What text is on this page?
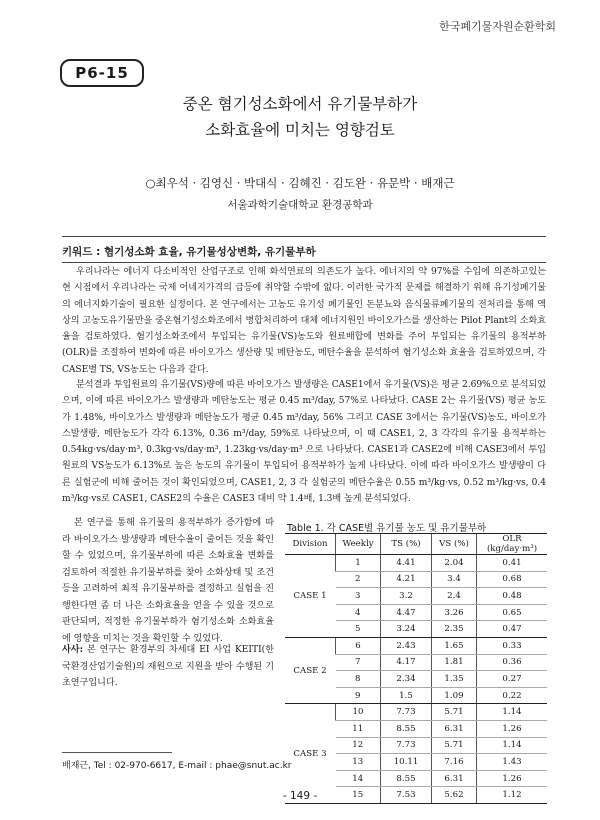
한국폐기물자원순환학회
P6-15
중온 혐기성소화에서 유기물부하가
소화효율에 미치는 영향검토
○최우석 · 김영신 · 박대식 · 김혜진 · 김도완 · 유문박 · 배재근
서울과학기술대학교 환경공학과
키워드 : 혐기성소화 효율, 유기물성상변화, 유기물부하
우리나라는 에너지 다소비적인 산업구조로 인해 화석연료의 의존도가 높다. 에너지의 약 97%를 수입에 의존하고있는 현 시점에서 우리나라는 국제 어네지가격의 급등에 취약할 수밖에 없다. 이러한 국가적 문제를 해결하기 위해 유기성폐기물의 에너지화기술이 필요한 실정이다. 본 연구에서는 고농도 유기성 폐기물인 돈분뇨와 음식물류폐기물의 전처리를 통해 액상의 고농도유기물만을 중온혐기성소화조에서 병합처리하여 대체 에너지원인 바이오가스를 생산하는 Pilot Plant의 소화효율을 검토하였다. 혐기성소화조에서 투입되는 유기물(VS)농도와 원료배합에 변화를 주어 투입되는 유기물의 용적부하(OLR)를 조절하여 변화에 따른 바이오가스 생산량 및 메탄농도, 메탄수율을 분석하여 혐기성소화 효율을 검토하였으며, 각 CASE별 TS, VS농도는 다음과 같다.
분석결과 투입원료의 유기물(VS)량에 따른 바이오가스 발생량은 CASE1에서 유기물(VS)은 평균 2.69%으로 분석되었으며, 이에 따른 바이오가스 발생량과 메탄농도는 평균 0.45 m³/day, 57%로 나타났다. CASE 2는 유기물(VS) 평균 농도가 1.48%, 바이오가스 발생량과 메탄농도가 평균 0.45 m³/day, 56% 그리고 CASE 3에서는 유기물(VS)농도, 바이오가스발생량, 메탄농도가 각각 6.13%, 0.36 m³/day, 59%로 나타났으며, 이 때 CASE1, 2, 3 각각의 유기물 용적부하는 0.54kg·vs/day·m³, 0.3kg·vs/day·m³, 1.23kg·vs/day·m³ 으로 나타났다. CASE1과 CASE2에 비해 CASE3에서 투입원료의 VS농도가 6.13%로 높은 농도의 유기물이 투입되어 용적부하가 높게 나타났다. 이에 따라 바이오가스 발생량이 다른 실험군에 비해 줄어든 것이 확인되었으며, CASE1, 2, 3 각 실험군의 메탄수율은 0.55 m³/kg·vs, 0.52 m³/kg·vs, 0.4 m³/kg·vs로 CASE1, CASE2의 수율은 CASE3 대비 약 1.4배, 1.3배 높게 분석되었다.
본 연구를 통해 유기물의 용적부하가 증가함에 따라 바이오가스 발생량과 메탄수율이 줄어든 것을 확인 할 수 있었으며, 유기물부하에 따른 소화효율 변화를 검토하여 적절한 유기물부하를 찾아 소화상태 및 조건 등을 고려하여 최적 유기물부하를 결정하고 실험을 진행한다면 좀 더 나은 소화효율을 얻을 수 있을 것으로 판단되며, 적정한 유기물부하가 혐기성소화 소화효율에 영향을 미치는 것을 확인할 수 있었다.
사사: 본 연구는 환경부의 차세대 EI 사업 KEITI(한국환경산업기술원)의 재원으로 지원을 받아 수행된 기초연구입니다.
Table 1. 각 CASE별 유기물 농도 및 유기물부하
Division	Weekly	TS (%)	VS (%)	OLR (kg/day·m³)
CASE 1	1	4.41	2.04	0.41
	2	4.21	3.4	0.68
	3	3.2	2.4	0.48
	4	4.47	3.26	0.65
	5	3.24	2.35	0.47
CASE 2	6	2.43	1.65	0.33
	7	4.17	1.81	0.36
	8	2.34	1.35	0.27
	9	1.5	1.09	0.22
CASE 3	10	7.73	5.71	1.14
	11	8.55	6.31	1.26
	12	7.73	5.71	1.14
	13	10.11	7.16	1.43
	14	8.55	6.31	1.26
	15	7.53	5.62	1.12
배재근, Tel : 02-970-6617, E-mail : phae@snut.ac.kr
- 149 -
